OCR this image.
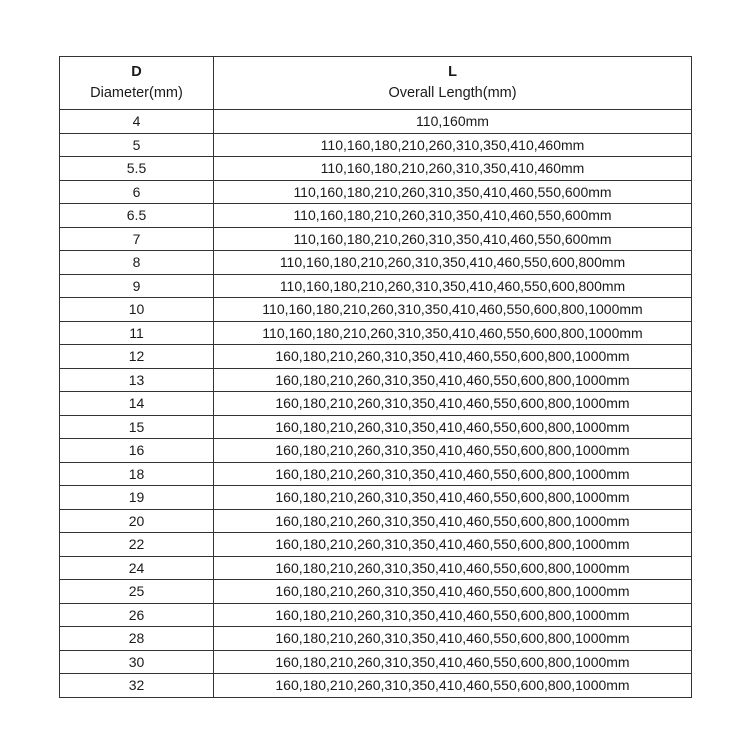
D
Diameter(mm)	L
Overall Length(mm)
4	110,160mm
5	110,160,180,210,260,310,350,410,460mm
5.5	110,160,180,210,260,310,350,410,460mm
6	110,160,180,210,260,310,350,410,460,550,600mm
6.5	110,160,180,210,260,310,350,410,460,550,600mm
7	110,160,180,210,260,310,350,410,460,550,600mm
8	110,160,180,210,260,310,350,410,460,550,600,800mm
9	110,160,180,210,260,310,350,410,460,550,600,800mm
10	110,160,180,210,260,310,350,410,460,550,600,800,1000mm
11	110,160,180,210,260,310,350,410,460,550,600,800,1000mm
12	160,180,210,260,310,350,410,460,550,600,800,1000mm
13	160,180,210,260,310,350,410,460,550,600,800,1000mm
14	160,180,210,260,310,350,410,460,550,600,800,1000mm
15	160,180,210,260,310,350,410,460,550,600,800,1000mm
16	160,180,210,260,310,350,410,460,550,600,800,1000mm
18	160,180,210,260,310,350,410,460,550,600,800,1000mm
19	160,180,210,260,310,350,410,460,550,600,800,1000mm
20	160,180,210,260,310,350,410,460,550,600,800,1000mm
22	160,180,210,260,310,350,410,460,550,600,800,1000mm
24	160,180,210,260,310,350,410,460,550,600,800,1000mm
25	160,180,210,260,310,350,410,460,550,600,800,1000mm
26	160,180,210,260,310,350,410,460,550,600,800,1000mm
28	160,180,210,260,310,350,410,460,550,600,800,1000mm
30	160,180,210,260,310,350,410,460,550,600,800,1000mm
32	160,180,210,260,310,350,410,460,550,600,800,1000mm
